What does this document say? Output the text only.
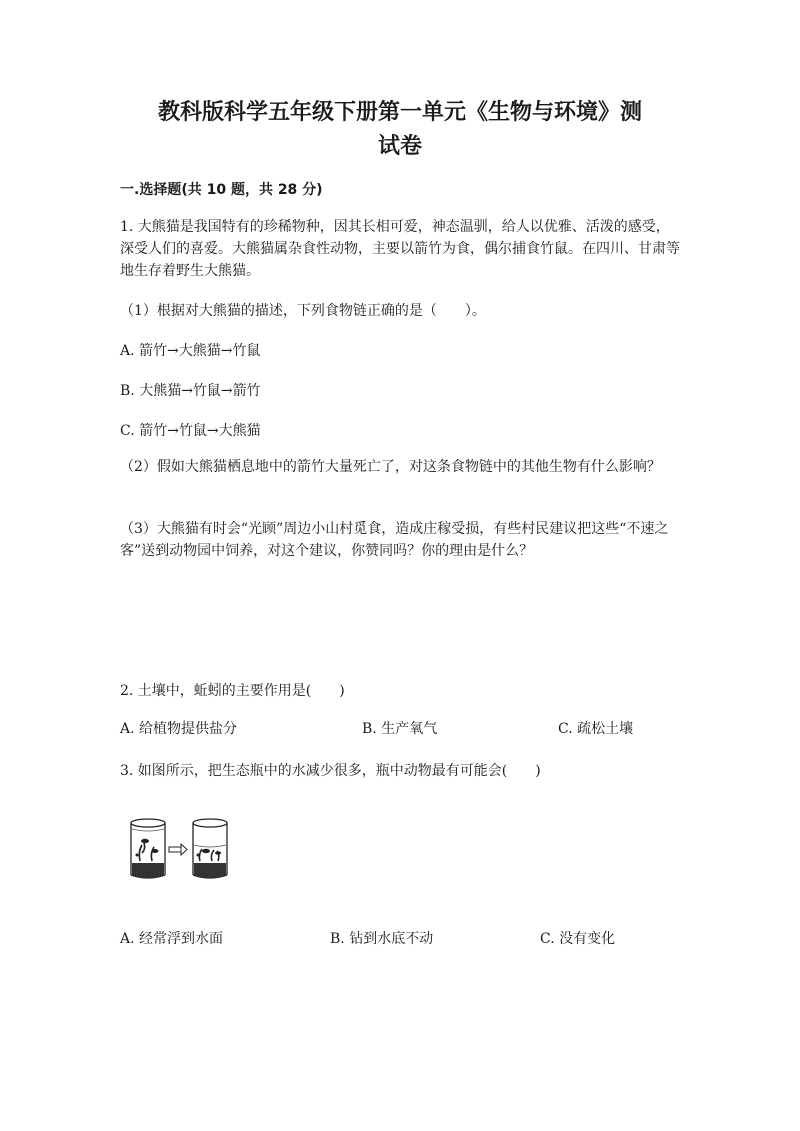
教科版科学五年级下册第一单元《生物与环境》测
试卷
一.选择题(共 10 题，共 28 分)

1. 大熊猫是我国特有的珍稀物种，因其长相可爱，神态温驯，给人以优雅、活泼的感受，深受人们的喜爱。大熊猫属杂食性动物，主要以箭竹为食，偶尔捕食竹鼠。在四川、甘肃等地生存着野生大熊猫。

（1）根据对大熊猫的描述，下列食物链正确的是（　　）。

A. 箭竹→大熊猫→竹鼠

B. 大熊猫→竹鼠→箭竹

C. 箭竹→竹鼠→大熊猫

（2）假如大熊猫栖息地中的箭竹大量死亡了，对这条食物链中的其他生物有什么影响？

（3）大熊猫有时会“光顾”周边小山村觅食，造成庄稼受损，有些村民建议把这些“不速之客”送到动物园中饲养，对这个建议，你赞同吗？你的理由是什么？

2. 土壤中，蚯蚓的主要作用是(　　)

A. 给植物提供盐分	B. 生产氧气	C. 疏松土壤

3. 如图所示，把生态瓶中的水减少很多，瓶中动物最有可能会(　　)

A. 经常浮到水面	B. 钻到水底不动	C. 没有变化
